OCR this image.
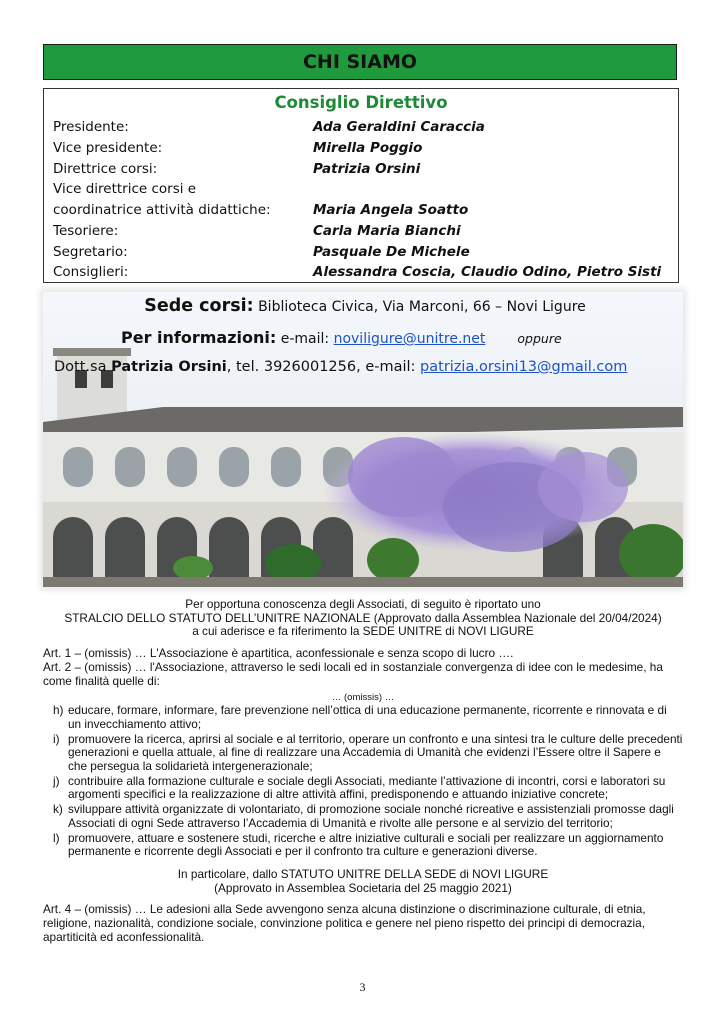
CHI SIAMO
Consiglio Direttivo
Presidente:	Ada Geraldini Caraccia
Vice presidente:	Mirella Poggio
Direttrice corsi:	Patrizia Orsini
Vice direttrice corsi e
coordinatrice attività didattiche:	Maria Angela Soatto
Tesoriere:	Carla Maria Bianchi
Segretario:	Pasquale De Michele
Consiglieri:	Alessandra Coscia, Claudio Odino, Pietro Sisti
Sede corsi: Biblioteca Civica, Via Marconi, 66 – Novi Ligure
Per informazioni: e-mail: noviligure@unitre.net	oppure
Dott.sa Patrizia Orsini, tel. 3926001256, e-mail: patrizia.orsini13@gmail.com

Per opportuna conoscenza degli Associati, di seguito è riportato uno

STRALCIO DELLO STATUTO DELL’UNITRE NAZIONALE (Approvato dalla Assemblea Nazionale del 20/04/2024)

a cui aderisce e fa riferimento la SEDE UNITRE di NOVI LIGURE

Art. 1 – (omissis) … L'Associazione è apartitica, aconfessionale e senza scopo di lucro ….

Art. 2 – (omissis) … l'Associazione, attraverso le sedi locali ed in sostanziale convergenza di idee con le medesime, ha come finalità quelle di:

… (omissis) …

h) educare, formare, informare, fare prevenzione nell’ottica di una educazione permanente, ricorrente e rinnovata e di un invecchiamento attivo;
i) promuovere la ricerca, aprirsi al sociale e al territorio, operare un confronto e una sintesi tra le culture delle precedenti generazioni e quella attuale, al fine di realizzare una Accademia di Umanità che evidenzi l’Essere oltre il Sapere e che persegua la solidarietà intergenerazionale;
j) contribuire alla formazione culturale e sociale degli Associati, mediante l’attivazione di incontri, corsi e laboratori su argomenti specifici e la realizzazione di altre attività affini, predisponendo e attuando iniziative concrete;
k) sviluppare attività organizzate di volontariato, di promozione sociale nonché ricreative e assistenziali promosse dagli Associati di ogni Sede attraverso l’Accademia di Umanità e rivolte alle persone e al servizio del territorio;
l) promuovere, attuare e sostenere studi, ricerche e altre iniziative culturali e sociali per realizzare un aggiornamento permanente e ricorrente degli Associati e per il confronto tra culture e generazioni diverse.

In particolare, dallo STATUTO UNITRE DELLA SEDE di NOVI LIGURE

(Approvato in Assemblea Societaria del 25 maggio 2021)

Art. 4 – (omissis) … Le adesioni alla Sede avvengono senza alcuna distinzione o discriminazione culturale, di etnia, religione, nazionalità, condizione sociale, convinzione politica e genere nel pieno rispetto dei principi di democrazia, apartiticità ed aconfessionalità.

3
